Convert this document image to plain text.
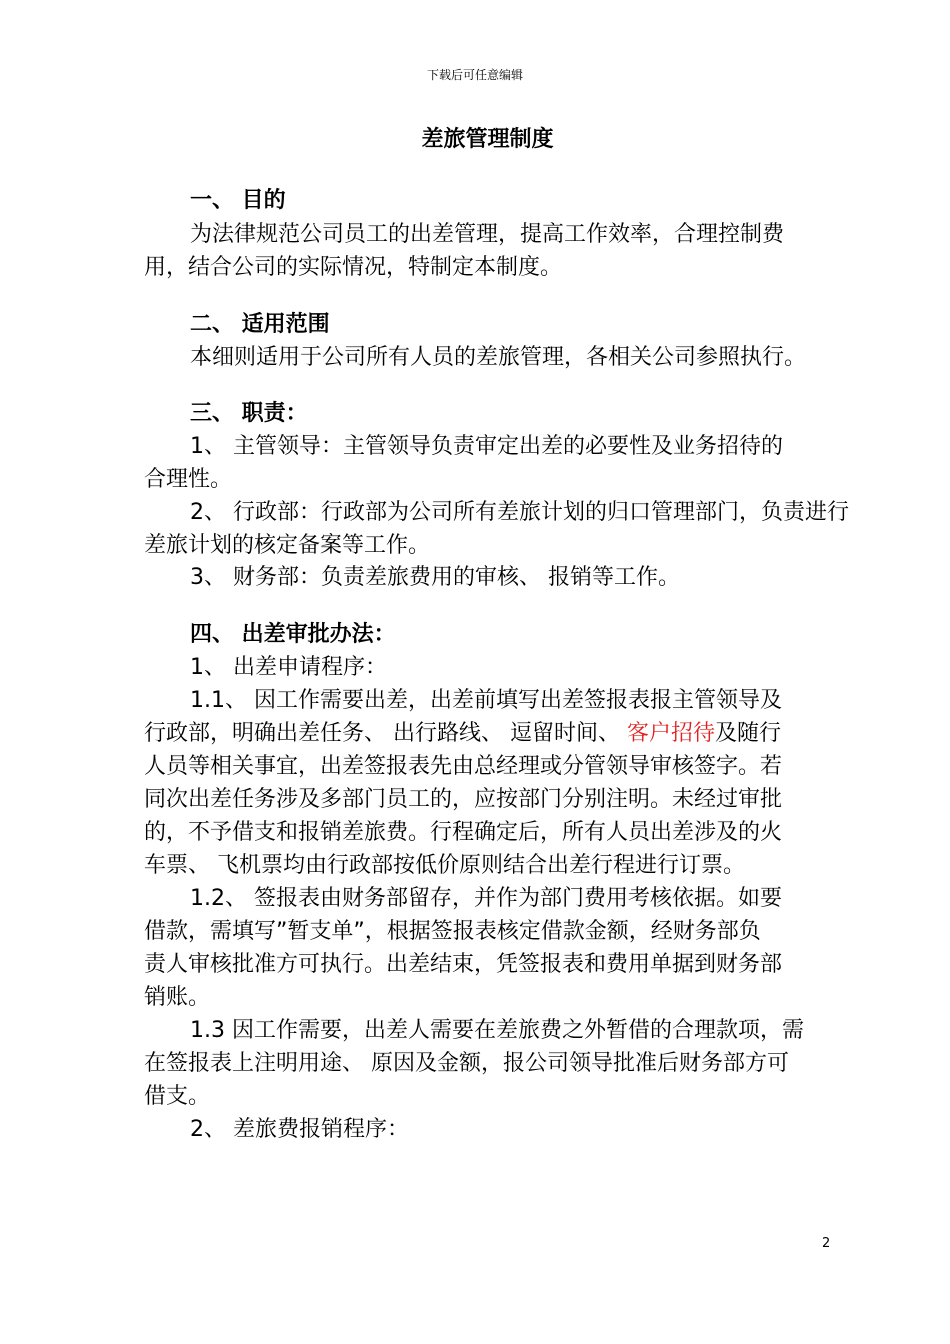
下载后可任意编辑
差旅管理制度
一、 目的
为法律规范公司员工的出差管理，提高工作效率，合理控制费
用，结合公司的实际情况，特制定本制度。
二、 适用范围
本细则适用于公司所有人员的差旅管理，各相关公司参照执行。
三、 职责：
1、 主管领导：主管领导负责审定出差的必要性及业务招待的
合理性。
2、 行政部：行政部为公司所有差旅计划的归口管理部门，负责进行
差旅计划的核定备案等工作。
3、 财务部：负责差旅费用的审核、 报销等工作。
四、 出差审批办法：
1、 出差申请程序：
1.1、 因工作需要出差，出差前填写出差签报表报主管领导及
行政部，明确出差任务、 出行路线、 逗留时间、 客户招待及随行
人员等相关事宜，出差签报表先由总经理或分管领导审核签字。若
同次出差任务涉及多部门员工的，应按部门分别注明。未经过审批
的，不予借支和报销差旅费。行程确定后，所有人员出差涉及的火
车票、 飞机票均由行政部按低价原则结合出差行程进行订票。
1.2、 签报表由财务部留存，并作为部门费用考核依据。如要
借款，需填写”暂支单”，根据签报表核定借款金额，经财务部负
责人审核批准方可执行。出差结束，凭签报表和费用单据到财务部
销账。
1.3 因工作需要，出差人需要在差旅费之外暂借的合理款项，需
在签报表上注明用途、 原因及金额，报公司领导批准后财务部方可
借支。
2、 差旅费报销程序：
2
